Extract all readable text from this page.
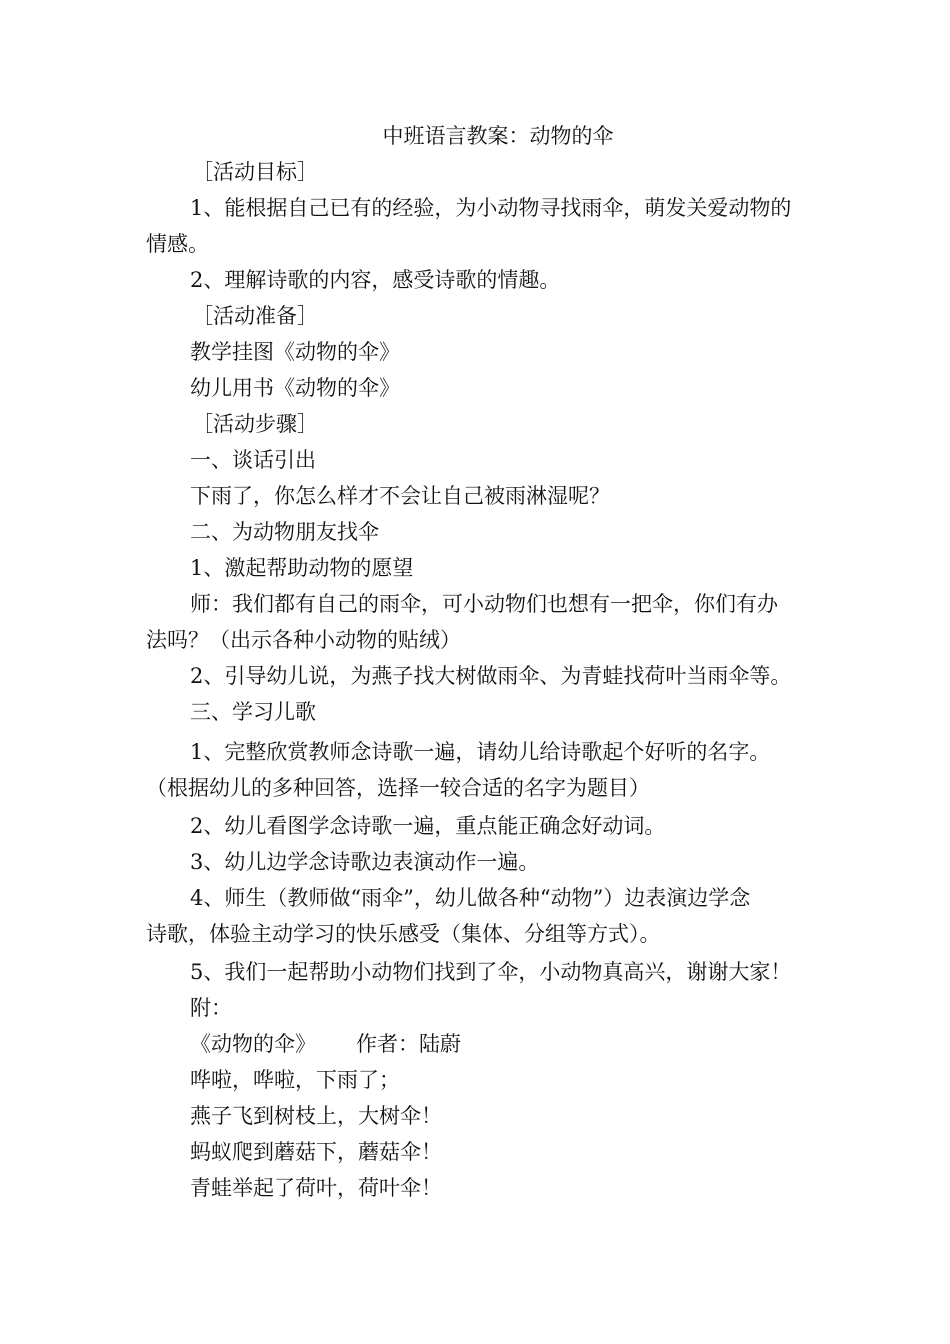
中班语言教案：动物的伞
［活动目标］
1、能根据自己已有的经验，为小动物寻找雨伞，萌发关爱动物的
情感。
2、理解诗歌的内容，感受诗歌的情趣。
［活动准备］
教学挂图《动物的伞》
幼儿用书《动物的伞》
［活动步骤］
一、谈话引出
下雨了，你怎么样才不会让自己被雨淋湿呢？
二、为动物朋友找伞
1、激起帮助动物的愿望
师：我们都有自己的雨伞，可小动物们也想有一把伞，你们有办
法吗？（出示各种小动物的贴绒）
2、引导幼儿说，为燕子找大树做雨伞、为青蛙找荷叶当雨伞等。
三、学习儿歌
1、完整欣赏教师念诗歌一遍，请幼儿给诗歌起个好听的名字。
（根据幼儿的多种回答，选择一较合适的名字为题目）
2、幼儿看图学念诗歌一遍，重点能正确念好动词。
3、幼儿边学念诗歌边表演动作一遍。
4、师生（教师做“雨伞”，幼儿做各种“动物”）边表演边学念
诗歌，体验主动学习的快乐感受（集体、分组等方式）。
5、我们一起帮助小动物们找到了伞，小动物真高兴，谢谢大家！
附：
《动物的伞》 作者：陆蔚
哗啦，哗啦，下雨了；
燕子飞到树枝上，大树伞！
蚂蚁爬到蘑菇下，蘑菇伞！
青蛙举起了荷叶，荷叶伞！
